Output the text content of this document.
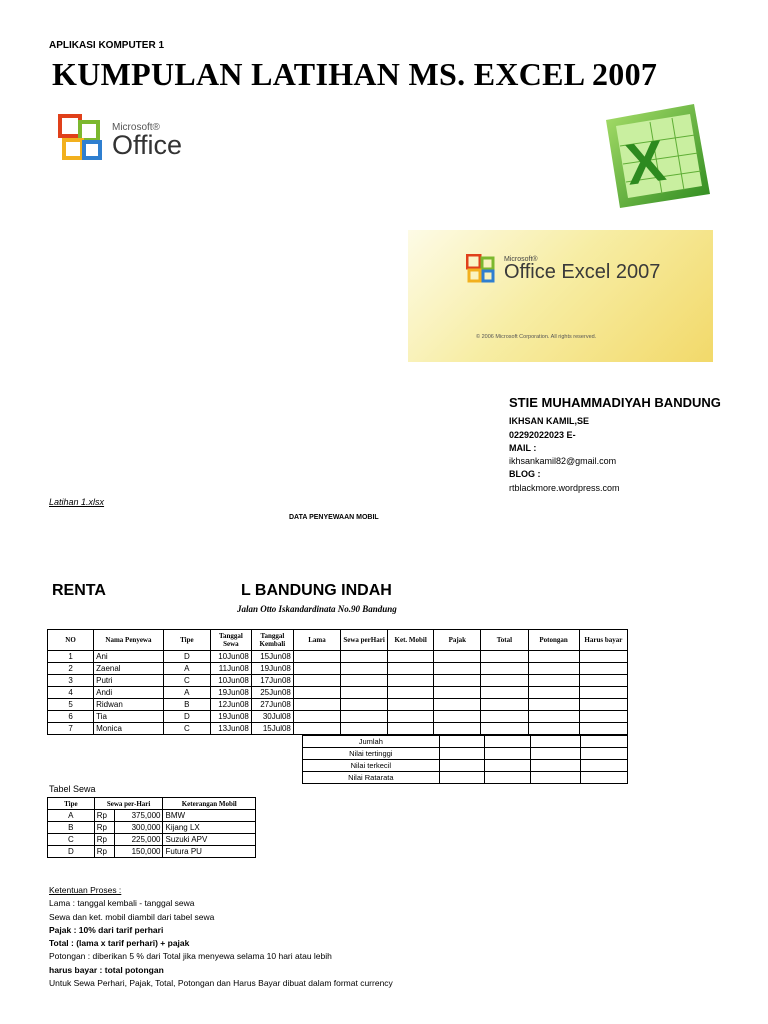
APLIKASI KOMPUTER 1
KUMPULAN LATIHAN MS. EXCEL 2007
Microsoft®
Office	X
Microsoft®
Office Excel 2007
© 2006 Microsoft Corporation. All rights reserved.
STIE MUHAMMADIYAH BANDUNG
IKHSAN KAMIL,SE
02292022023 E-
MAIL :
ikhsankamil82@gmail.com
BLOG :
rtblackmore.wordpress.com
Latihan 1.xlsx
DATA PENYEWAAN MOBIL
RENTA	L BANDUNG INDAH
Jalan Otto Iskandardinata No.90 Bandung
NO	Nama Penyewa	Tipe	Tanggal Sewa	Tanggal Kembali	Lama	Sewa perHari	Ket. Mobil	Pajak	Total	Potongan	Harus bayar
1	Ani	D	10Jun08	15Jun08							
2	Zaenal	A	11Jun08	19Jun08							
3	Putri	C	10Jun08	17Jun08							
4	Andi	A	19Jun08	25Jun08							
5	Ridwan	B	12Jun08	27Jun08							
6	Tia	D	19Jun08	30Jul08							
7	Monica	C	13Jun08	15Jul08							
Jumlah				
Nilai tertinggi				
Nilai terkecil				
Nilai Ratarata				
Tabel Sewa
Tipe	Sewa per-Hari		Keterangan Mobil
A	Rp	375,000	BMW
B	Rp	300,000	Kijang LX
C	Rp	225,000	Suzuki APV
D	Rp	150,000	Futura PU
Ketentuan Proses :
Lama : tanggal kembali - tanggal sewa
Sewa dan ket. mobil diambil dari tabel sewa
Pajak : 10% dari tarif perhari
Total : (lama x tarif perhari) + pajak
Potongan : diberikan 5 % dari Total jika menyewa selama 10 hari atau lebih
harus bayar : total potongan
Untuk Sewa Perhari, Pajak, Total, Potongan dan Harus Bayar dibuat dalam format currency
